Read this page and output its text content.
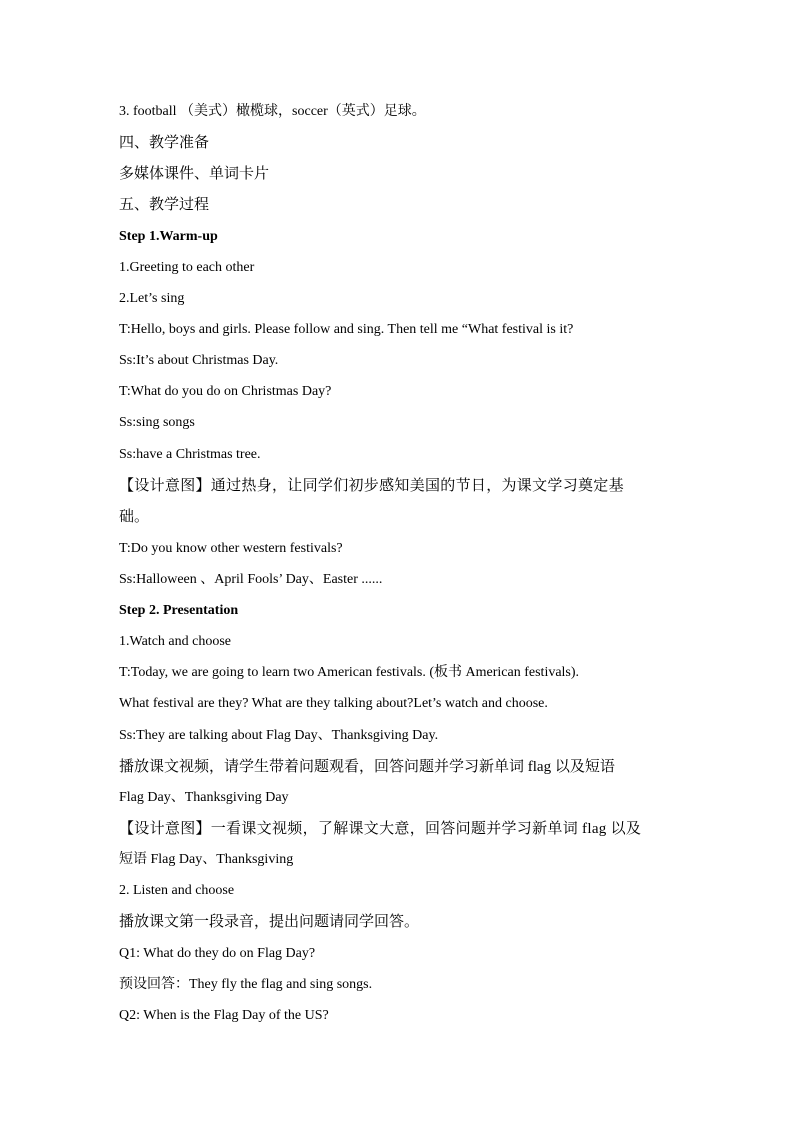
3. football （美式）橄榄球，soccer（英式）足球。
四、教学准备
多媒体课件、单词卡片
五、教学过程
Step 1.Warm-up
1.Greeting to each other
2.Let’s sing
T:Hello, boys and girls. Please follow and sing. Then tell me “What festival is it?
Ss:It’s about Christmas Day.
T:What do you do on Christmas Day?
Ss:sing songs
Ss:have a Christmas tree.
【设计意图】通过热身，让同学们初步感知美国的节日，为课文学习奠定基
础。
T:Do you know other western festivals?
Ss:Halloween 、April Fools’ Day、Easter ......
Step 2. Presentation
1.Watch and choose
T:Today, we are going to learn two American festivals. (板书 American festivals).
What festival are they? What are they talking about?Let’s watch and choose.
Ss:They are talking about Flag Day、Thanksgiving Day.
播放课文视频，请学生带着问题观看，回答问题并学习新单词 flag 以及短语
Flag Day、Thanksgiving Day
【设计意图】一看课文视频，了解课文大意，回答问题并学习新单词 flag 以及
短语 Flag Day、Thanksgiving
2. Listen and choose
播放课文第一段录音，提出问题请同学回答。
Q1: What do they do on Flag Day?
预设回答：They fly the flag and sing songs.
Q2: When is the Flag Day of the US?
